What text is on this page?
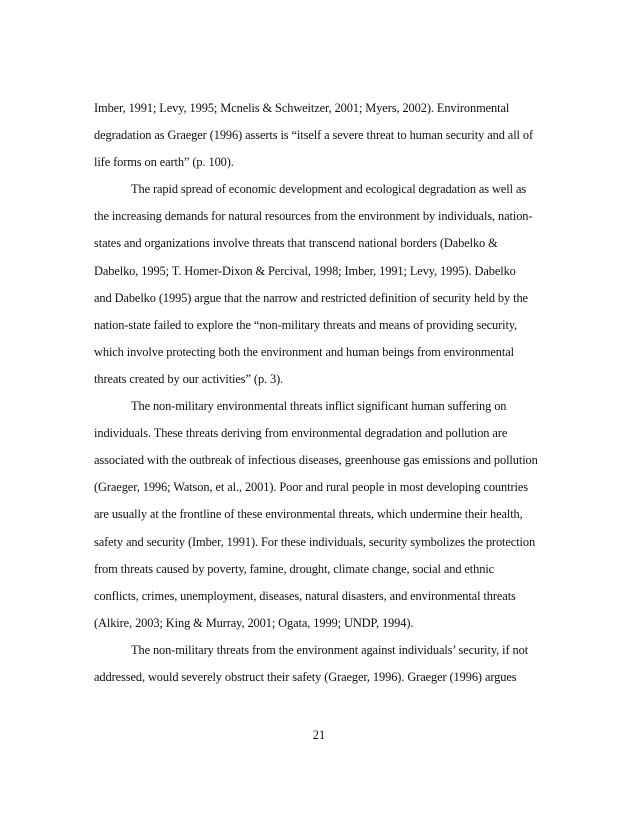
Imber, 1991; Levy, 1995; Mcnelis & Schweitzer, 2001; Myers, 2002). Environmental
degradation as Graeger (1996) asserts is “itself a severe threat to human security and all of
life forms on earth” (p. 100).
The rapid spread of economic development and ecological degradation as well as
the increasing demands for natural resources from the environment by individuals, nation-
states and organizations involve threats that transcend national borders (Dabelko &
Dabelko, 1995; T. Homer-Dixon & Percival, 1998; Imber, 1991; Levy, 1995). Dabelko
and Dabelko (1995) argue that the narrow and restricted definition of security held by the
nation-state failed to explore the “non-military threats and means of providing security,
which involve protecting both the environment and human beings from environmental
threats created by our activities” (p. 3).
The non-military environmental threats inflict significant human suffering on
individuals. These threats deriving from environmental degradation and pollution are
associated with the outbreak of infectious diseases, greenhouse gas emissions and pollution
(Graeger, 1996; Watson, et al., 2001). Poor and rural people in most developing countries
are usually at the frontline of these environmental threats, which undermine their health,
safety and security (Imber, 1991). For these individuals, security symbolizes the protection
from threats caused by poverty, famine, drought, climate change, social and ethnic
conflicts, crimes, unemployment, diseases, natural disasters, and environmental threats
(Alkire, 2003; King & Murray, 2001; Ogata, 1999; UNDP, 1994).
The non-military threats from the environment against individuals’ security, if not
addressed, would severely obstruct their safety (Graeger, 1996). Graeger (1996) argues
21
